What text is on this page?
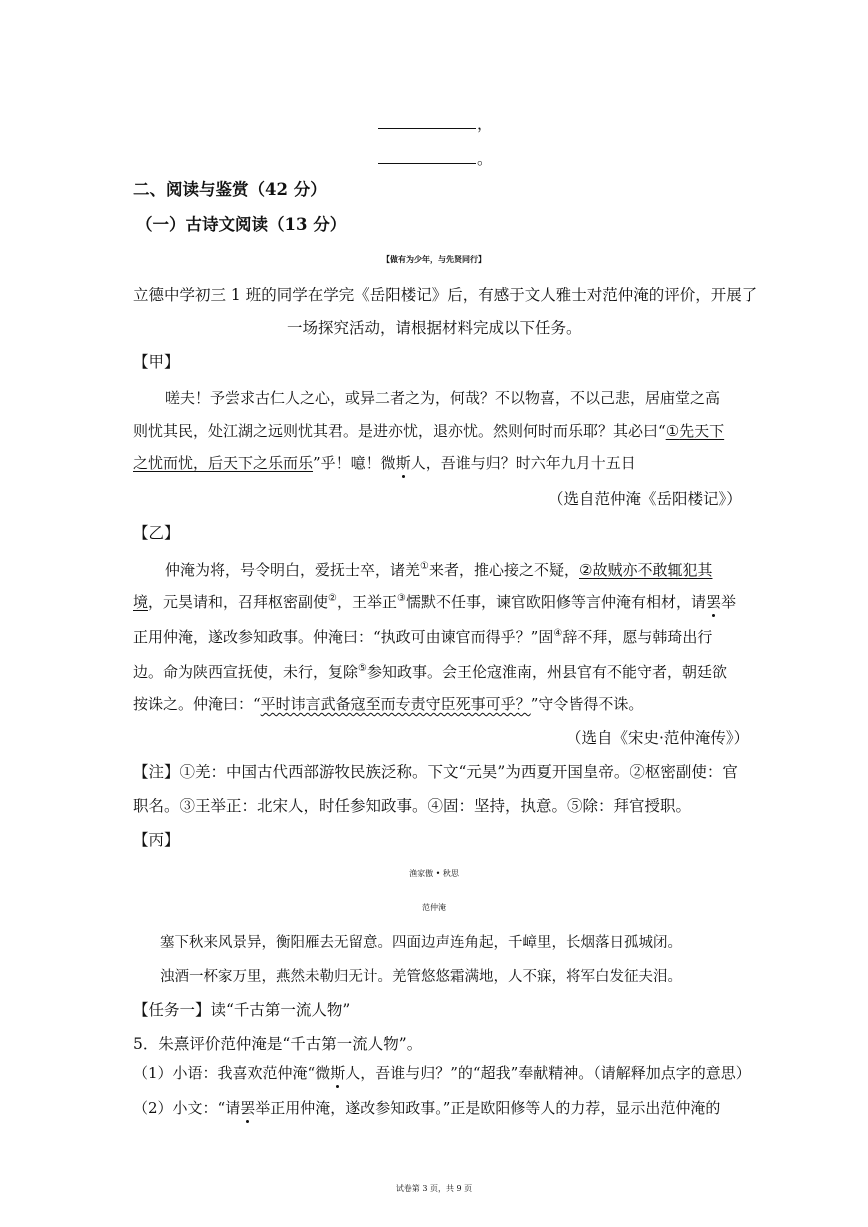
，
。
二、阅读与鉴赏（42 分）
（一）古诗文阅读（13 分）
【做有为少年，与先贤同行】
立德中学初三 1 班的同学在学完《岳阳楼记》后，有感于文人雅士对范仲淹的评价，开展了
一场探究活动，请根据材料完成以下任务。
【甲】
嗟夫！予尝求古仁人之心，或异二者之为，何哉？不以物喜，不以己悲，居庙堂之高
则忧其民，处江湖之远则忧其君。是进亦忧，退亦忧。然则何时而乐耶？其必曰“①先天下
之忧而忧，后天下之乐而乐”乎！噫！微斯人，吾谁与归？时六年九月十五日
（选自范仲淹《岳阳楼记》）
【乙】
仲淹为将，号令明白，爱抚士卒，诸羌①来者，推心接之不疑，②故贼亦不敢辄犯其
境，元昊请和，召拜枢密副使②，王举正③懦默不任事，谏官欧阳修等言仲淹有相材，请罢举
正用仲淹，遂改参知政事。仲淹曰：“执政可由谏官而得乎？”固④辞不拜，愿与韩琦出行
边。命为陕西宣抚使，未行，复除⑤参知政事。会王伦寇淮南，州县官有不能守者，朝廷欲
按诛之。仲淹曰：“平时讳言武备寇至而专责守臣死事可乎？”守令皆得不诛。
（选自《宋史·范仲淹传》）
【注】①羌：中国古代西部游牧民族泛称。下文“元昊”为西夏开国皇帝。②枢密副使：官
职名。③王举正：北宋人，时任参知政事。④固：坚持，执意。⑤除：拜官授职。
【丙】
渔家傲 • 秋思
范仲淹
塞下秋来风景异，衡阳雁去无留意。四面边声连角起，千嶂里，长烟落日孤城闭。
浊酒一杯家万里，燕然未勒归无计。羌管悠悠霜满地，人不寐，将军白发征夫泪。
【任务一】读“千古第一流人物”
5．朱熹评价范仲淹是“千古第一流人物”。
（1）小语：我喜欢范仲淹“微斯人，吾谁与归？”的“超我”奉献精神。（请解释加点字的意思）
（2）小文：“请罢举正用仲淹，遂改参知政事。”正是欧阳修等人的力荐，显示出范仲淹的
试卷第 3 页，共 9 页
